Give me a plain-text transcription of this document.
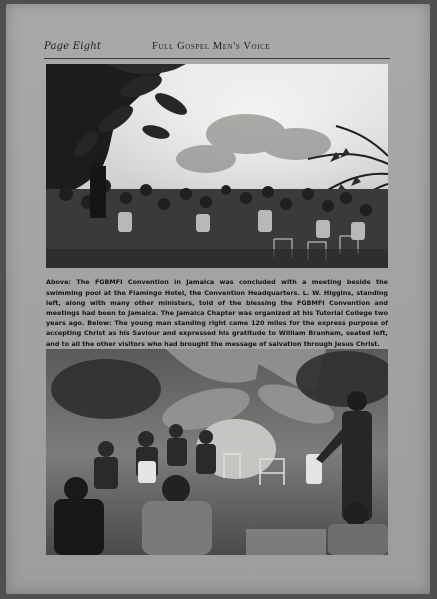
Page Eight	Full Gospel Men's Voice

Above: The FGBMFI Convention in Jamaica was concluded with a meeting beside the swimming pool at the Flamingo Hotel, the Convention Headquarters. L. W. Higgins, standing left, along with many other ministers, told of the blessing the FGBMFI Convention and meetings had been to Jamaica. The Jamaica Chapter was organized at his Tutorial College two years ago. Below: The young man standing right came 120 miles for the express purpose of accepting Christ as his Saviour and expressed his gratitude to William Branham, seated left, and to all the other visitors who had brought the message of salvation through Jesus Christ.
